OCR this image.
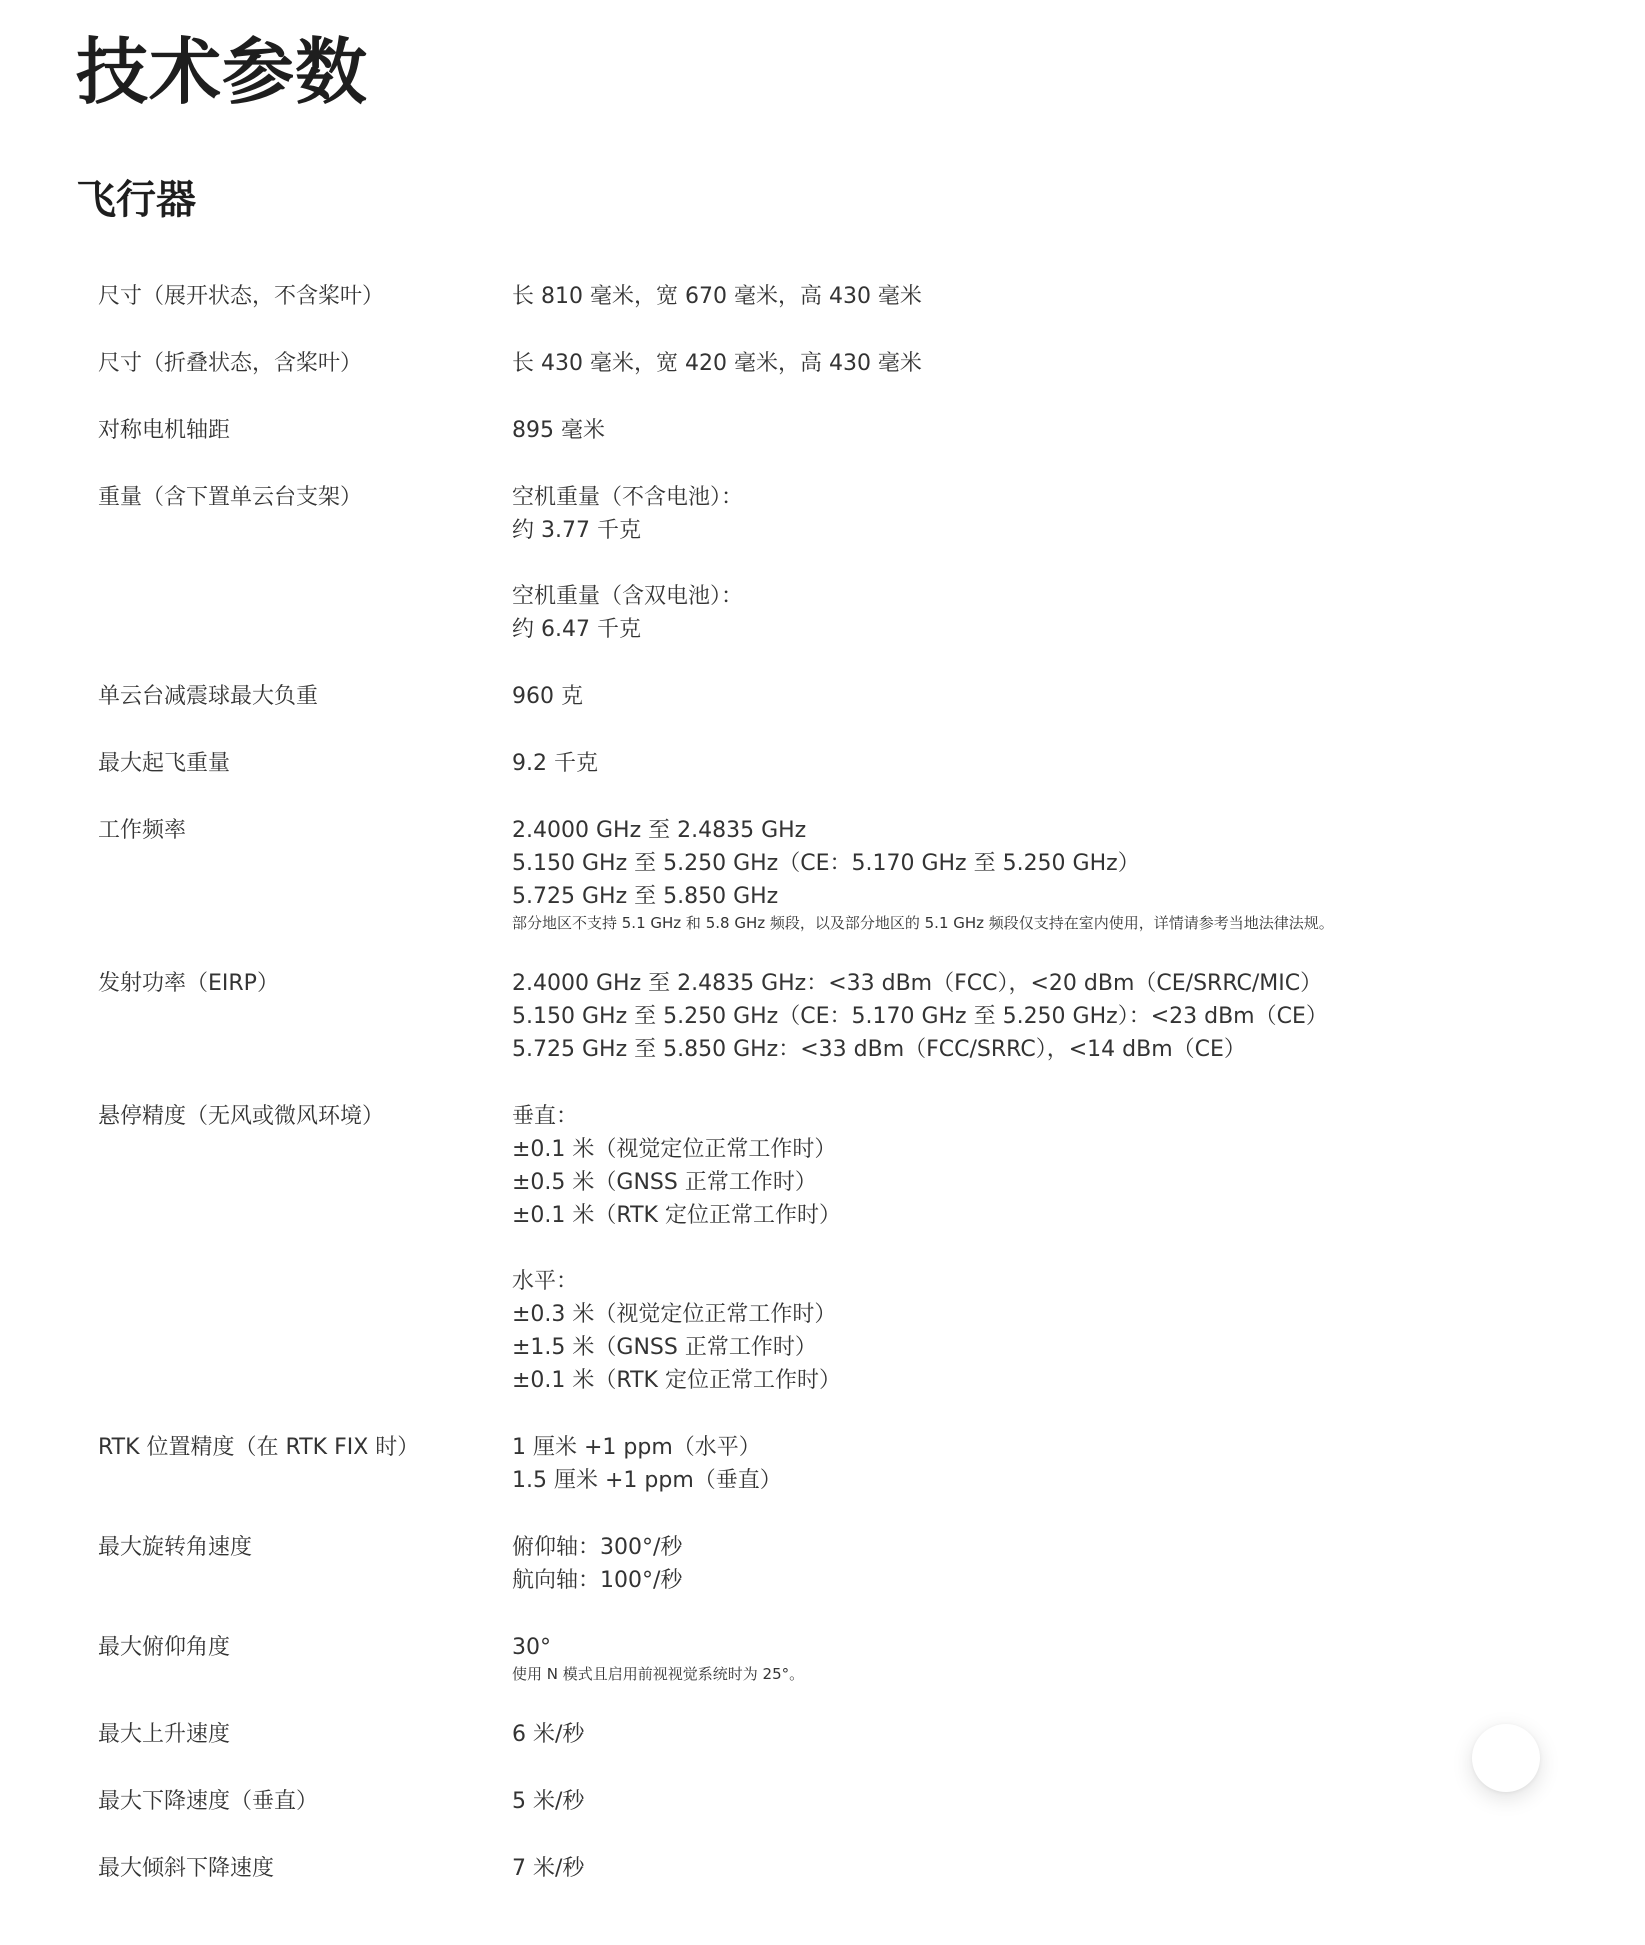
技术参数
飞行器
尺寸（展开状态，不含桨叶）	长 810 毫米，宽 670 毫米，高 430 毫米
尺寸（折叠状态，含桨叶）	长 430 毫米，宽 420 毫米，高 430 毫米
对称电机轴距	895 毫米
重量（含下置单云台支架）	空机重量（不含电池）：
约 3.77 千克
空机重量（含双电池）：
约 6.47 千克
单云台减震球最大负重	960 克
最大起飞重量	9.2 千克
工作频率	2.4000 GHz 至 2.4835 GHz
5.150 GHz 至 5.250 GHz（CE：5.170 GHz 至 5.250 GHz）
5.725 GHz 至 5.850 GHz
部分地区不支持 5.1 GHz 和 5.8 GHz 频段，以及部分地区的 5.1 GHz 频段仅支持在室内使用，详情请参考当地法律法规。
发射功率（EIRP）	2.4000 GHz 至 2.4835 GHz：<33 dBm（FCC），<20 dBm（CE/SRRC/MIC）
5.150 GHz 至 5.250 GHz（CE：5.170 GHz 至 5.250 GHz）：<23 dBm（CE）
5.725 GHz 至 5.850 GHz：<33 dBm（FCC/SRRC），<14 dBm（CE）
悬停精度（无风或微风环境）	垂直：
±0.1 米（视觉定位正常工作时）
±0.5 米（GNSS 正常工作时）
±0.1 米（RTK 定位正常工作时）
水平：
±0.3 米（视觉定位正常工作时）
±1.5 米（GNSS 正常工作时）
±0.1 米（RTK 定位正常工作时）
RTK 位置精度（在 RTK FIX 时）	1 厘米 +1 ppm（水平）
1.5 厘米 +1 ppm（垂直）
最大旋转角速度	俯仰轴：300°/秒
航向轴：100°/秒
最大俯仰角度	30°
使用 N 模式且启用前视视觉系统时为 25°。
最大上升速度	6 米/秒
最大下降速度（垂直）	5 米/秒
最大倾斜下降速度	7 米/秒
